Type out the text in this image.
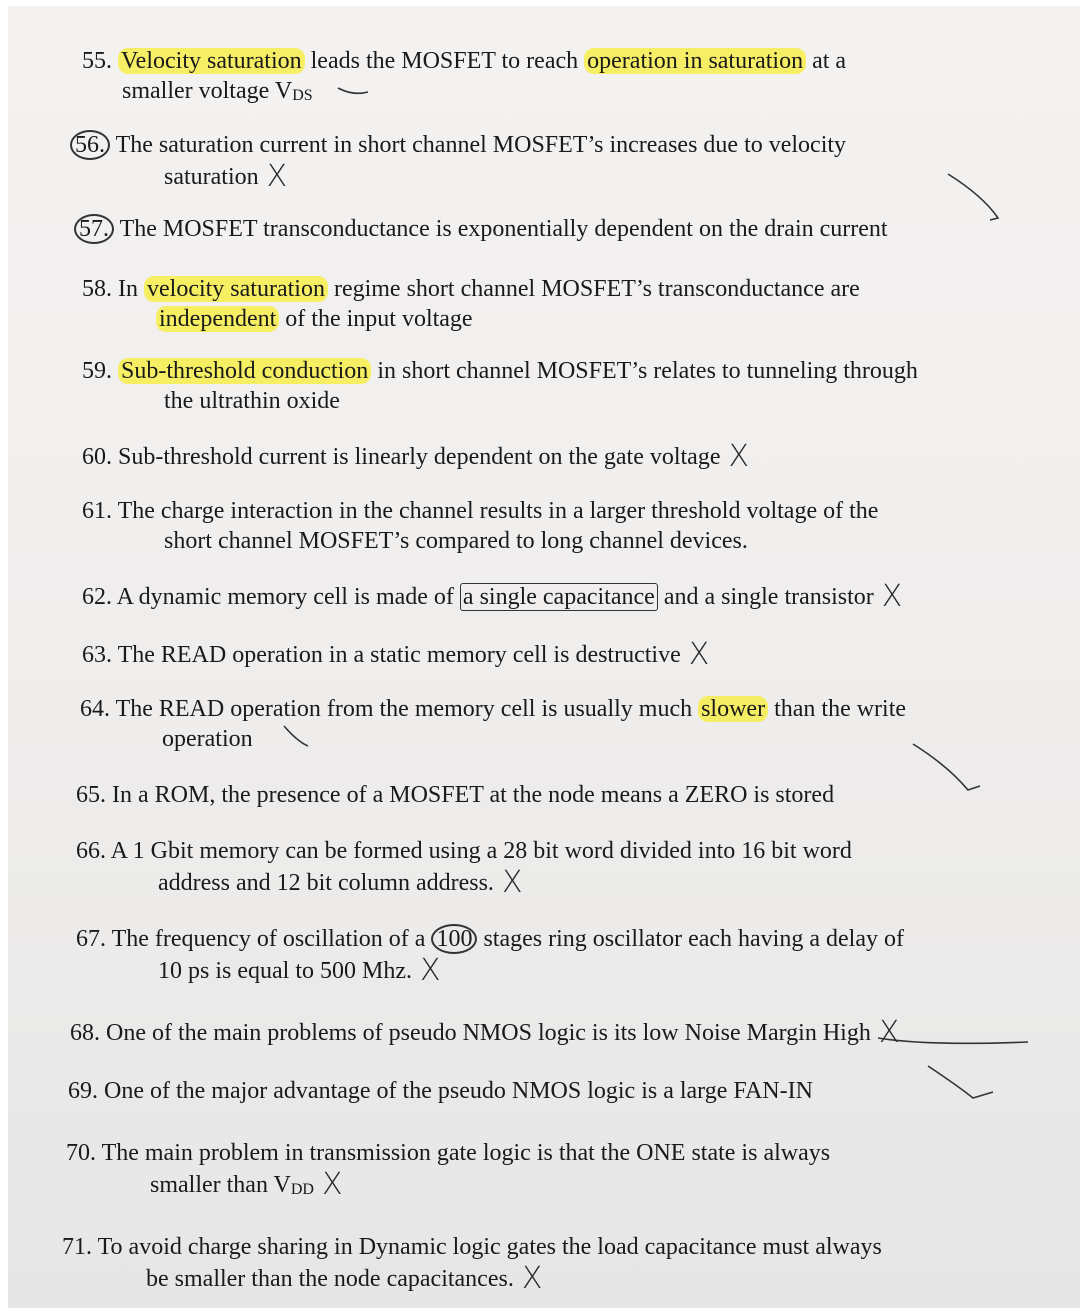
55. Velocity saturation leads the MOSFET to reach operation in saturation at a
smaller voltage VDS
56. The saturation current in short channel MOSFET’s increases due to velocity
saturation X
57. The MOSFET transconductance is exponentially dependent on the drain current
58. In velocity saturation regime short channel MOSFET’s transconductance are
independent of the input voltage
59. Sub-threshold conduction in short channel MOSFET’s relates to tunneling through
the ultrathin oxide
60. Sub-threshold current is linearly dependent on the gate voltage X
61. The charge interaction in the channel results in a larger threshold voltage of the
short channel MOSFET’s compared to long channel devices.
62. A dynamic memory cell is made of a single capacitance and a single transistor X
63. The READ operation in a static memory cell is destructive X
64. The READ operation from the memory cell is usually much slower than the write
operation
65. In a ROM, the presence of a MOSFET at the node means a ZERO is stored
66. A 1 Gbit memory can be formed using a 28 bit word divided into 16 bit word
address and 12 bit column address. X
67. The frequency of oscillation of a 100 stages ring oscillator each having a delay of
10 ps is equal to 500 Mhz. X
68. One of the main problems of pseudo NMOS logic is its low Noise Margin High X
69. One of the major advantage of the pseudo NMOS logic is a large FAN-IN
70. The main problem in transmission gate logic is that the ONE state is always
smaller than VDD X
71. To avoid charge sharing in Dynamic logic gates the load capacitance must always
be smaller than the node capacitances. X
